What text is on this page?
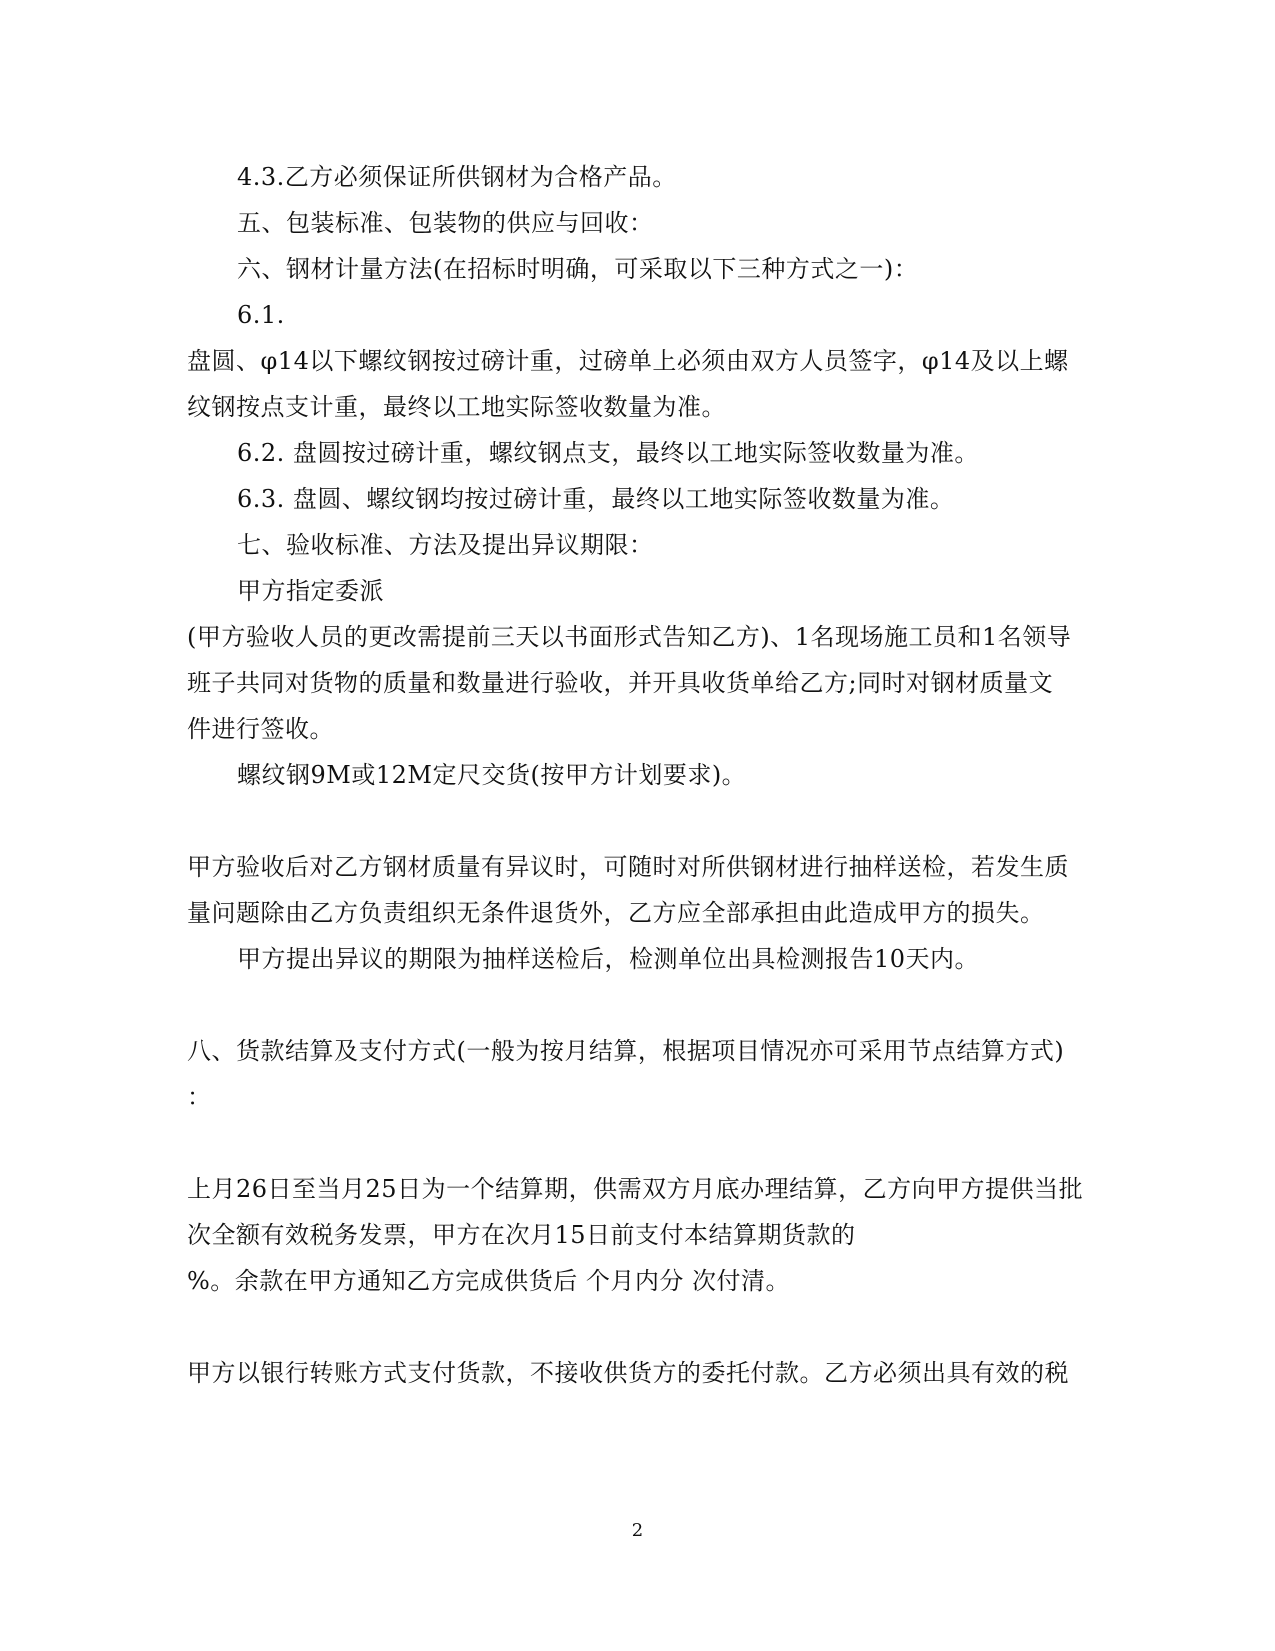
4.3.乙方必须保证所供钢材为合格产品。
五、包装标准、包装物的供应与回收：
六、钢材计量方法(在招标时明确，可采取以下三种方式之一)：
6.1.
盘圆、φ14以下螺纹钢按过磅计重，过磅单上必须由双方人员签字，φ14及以上螺
纹钢按点支计重，最终以工地实际签收数量为准。
6.2. 盘圆按过磅计重，螺纹钢点支，最终以工地实际签收数量为准。
6.3. 盘圆、螺纹钢均按过磅计重，最终以工地实际签收数量为准。
七、验收标准、方法及提出异议期限：
甲方指定委派
(甲方验收人员的更改需提前三天以书面形式告知乙方)、1名现场施工员和1名领导
班子共同对货物的质量和数量进行验收，并开具收货单给乙方;同时对钢材质量文
件进行签收。
螺纹钢9M或12M定尺交货(按甲方计划要求)。
甲方验收后对乙方钢材质量有异议时，可随时对所供钢材进行抽样送检，若发生质
量问题除由乙方负责组织无条件退货外，乙方应全部承担由此造成甲方的损失。
甲方提出异议的期限为抽样送检后，检测单位出具检测报告10天内。
八、货款结算及支付方式(一般为按月结算，根据项目情况亦可采用节点结算方式)
：
上月26日至当月25日为一个结算期，供需双方月底办理结算，乙方向甲方提供当批
次全额有效税务发票，甲方在次月15日前支付本结算期货款的
%。余款在甲方通知乙方完成供货后 个月内分 次付清。
甲方以银行转账方式支付货款，不接收供货方的委托付款。乙方必须出具有效的税
2
